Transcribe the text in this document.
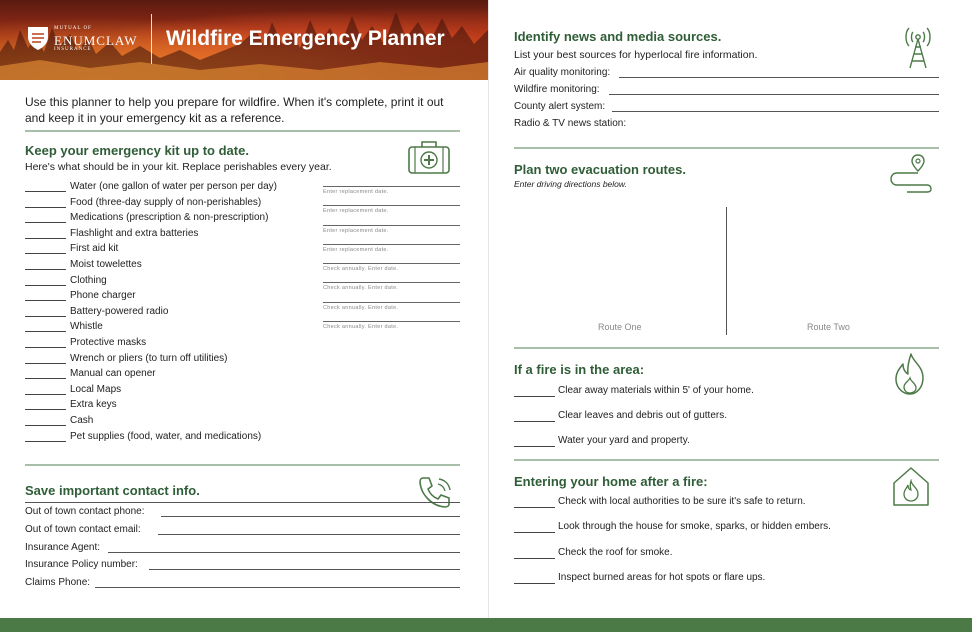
MUTUAL OF
ENUMCLAW
INSURANCE	Wildfire Emergency Planner
Use this planner to help you prepare for wildfire. When it's complete, print it out and keep it in your emergency kit as a reference.
Keep your emergency kit up to date.
Here's what should be in your kit. Replace perishables every year.
Water (one gallon of water per person per day)
Food (three-day supply of non-perishables)
Medications (prescription & non-prescription)
Flashlight and extra batteries
First aid kit
Moist towelettes
Clothing
Phone charger
Battery-powered radio
Whistle
Protective masks
Wrench or pliers (to turn off utilities)
Manual can opener
Local Maps
Extra keys
Cash
Pet supplies (food, water, and medications)
Enter replacement date.
Enter replacement date.
Enter replacement date.
Enter replacement date.
Check annually. Enter date.
Check annually. Enter date.
Check annually. Enter date.
Check annually. Enter date.
Save important contact info.
Out of town contact phone:
Out of town contact email:
Insurance Agent:
Insurance Policy number:
Claims Phone:
Identify news and media sources.
List your best sources for hyperlocal fire information.
Air quality monitoring:
Wildfire monitoring:
County alert system:
Radio & TV news station:
Plan two evacuation routes.
Enter driving directions below.
Route One	Route Two
If a fire is in the area:
Clear away materials within 5' of your home.
Clear leaves and debris out of gutters.
Water your yard and property.
Entering your home after a fire:
Check with local authorities to be sure it's safe to return.
Look through the house for smoke, sparks, or hidden embers.
Check the roof for smoke.
Inspect burned areas for hot spots or flare ups.
